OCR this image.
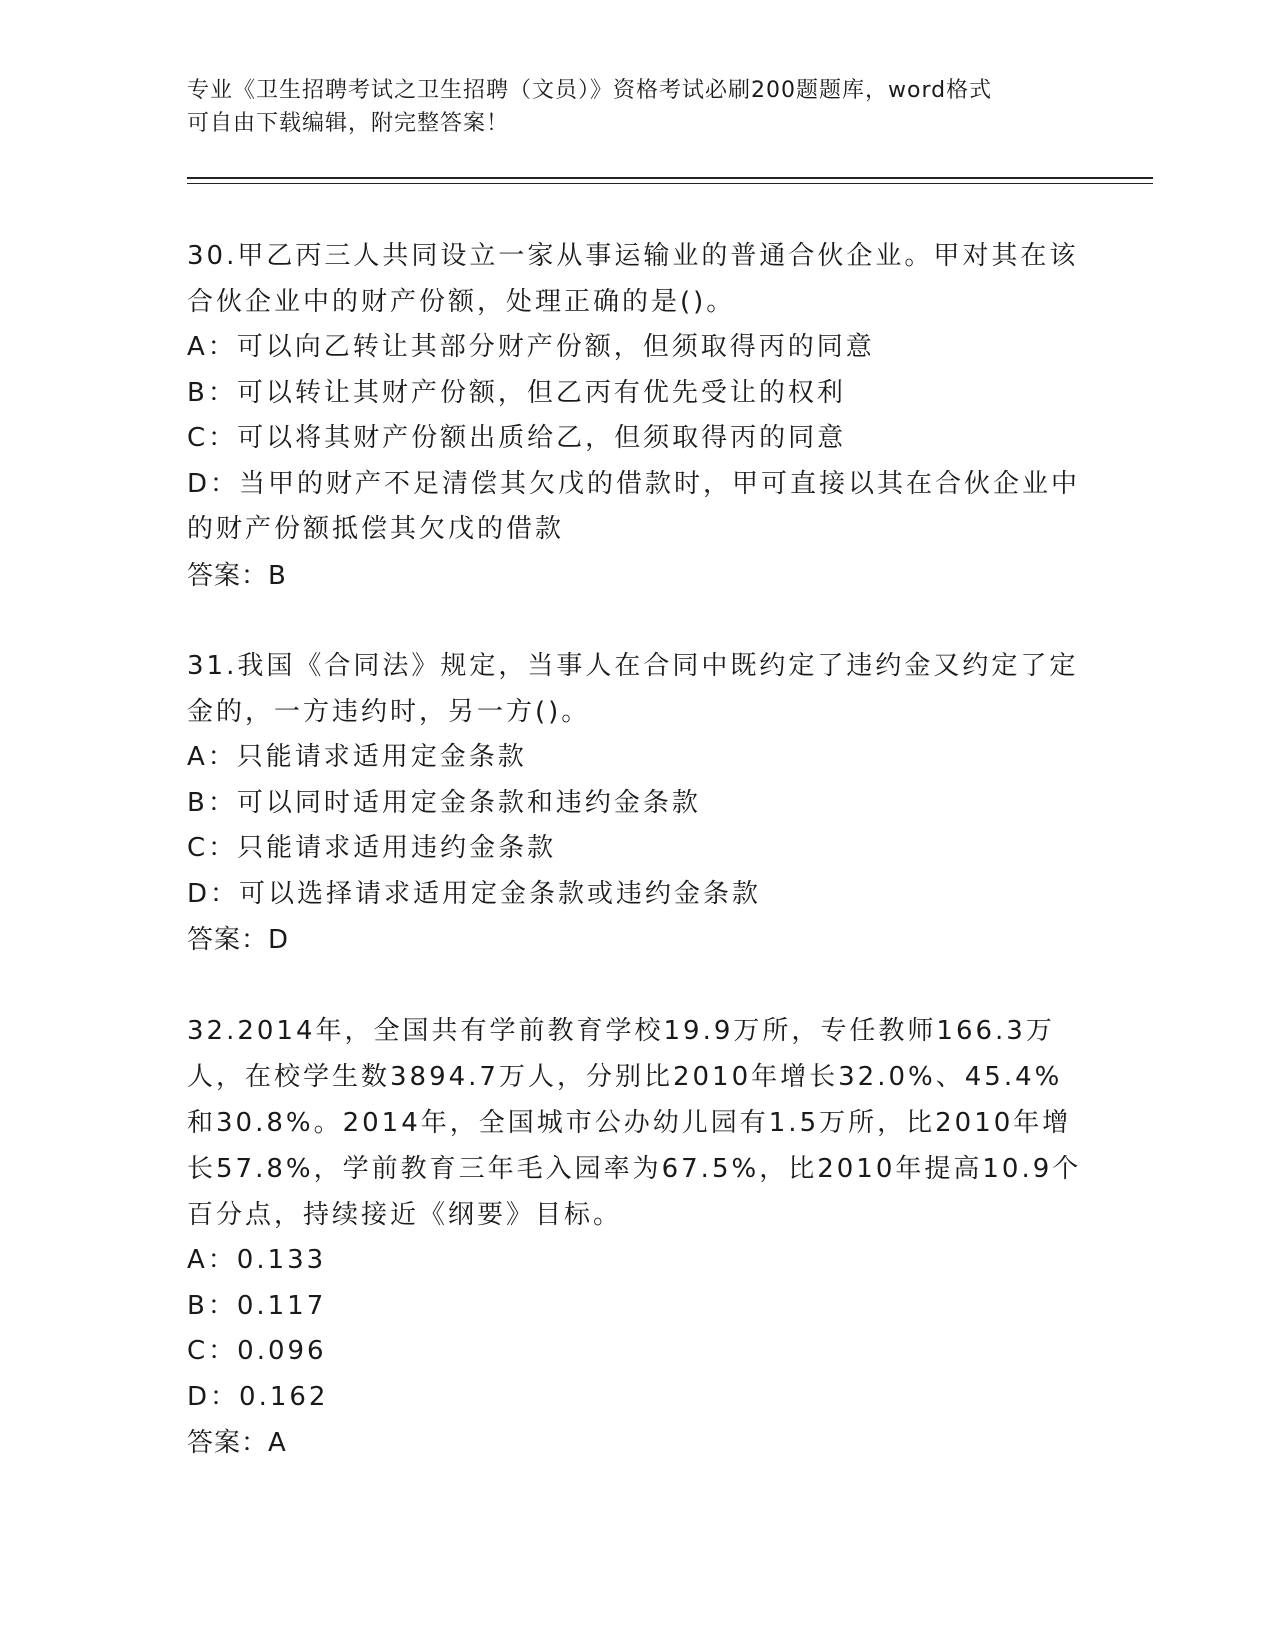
专业《卫生招聘考试之卫生招聘（文员）》资格考试必刷200题题库，word格式
可自由下载编辑，附完整答案！
30.甲乙丙三人共同设立一家从事运输业的普通合伙企业。甲对其在该合伙企业中的财产份额，处理正确的是()。
A：可以向乙转让其部分财产份额，但须取得丙的同意
B：可以转让其财产份额，但乙丙有优先受让的权利
C：可以将其财产份额出质给乙，但须取得丙的同意
D：当甲的财产不足清偿其欠戊的借款时，甲可直接以其在合伙企业中的财产份额抵偿其欠戊的借款
答案：B
31.我国《合同法》规定，当事人在合同中既约定了违约金又约定了定金的，一方违约时，另一方()。
A：只能请求适用定金条款
B：可以同时适用定金条款和违约金条款
C：只能请求适用违约金条款
D：可以选择请求适用定金条款或违约金条款
答案：D
32.2014年，全国共有学前教育学校19.9万所，专任教师166.3万人，在校学生数3894.7万人，分别比2010年增长32.0%、45.4%和30.8%。2014年，全国城市公办幼儿园有1.5万所，比2010年增长57.8%，学前教育三年毛入园率为67.5%，比2010年提高10.9个百分点，持续接近《纲要》目标。
A：0.133
B：0.117
C：0.096
D：0.162
答案：A
